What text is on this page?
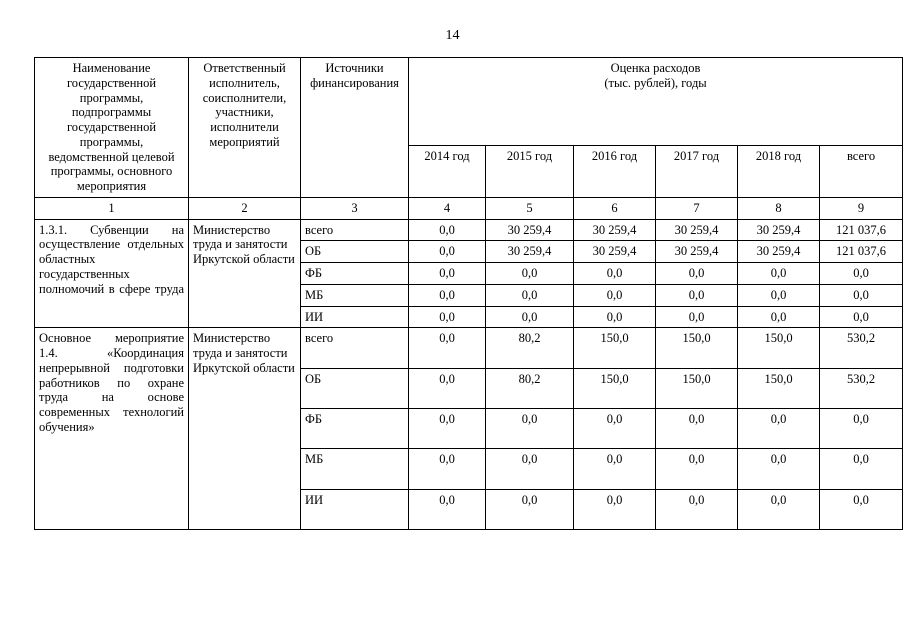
14
Наименование государственной программы, подпрограммы государственной программы, ведомственной целевой программы, основного мероприятия	Ответственный исполнитель, соисполнители, участники, исполнители мероприятий	Источники финансирования	Оценка расходов
(тыс. рублей), годы					

			2014 год	2015 год	2016 год	2017 год	2018 год	всего
1	2	3	4	5	6	7	8	9
1.3.1. Субвенции на осуществление отдельных областных государственных полномочий в сфере труда	Министерство труда и занятости Иркутской области	всего	0,0	30 259,4	30 259,4	30 259,4	30 259,4	121 037,6
		ОБ	0,0	30 259,4	30 259,4	30 259,4	30 259,4	121 037,6
		ФБ	0,0	0,0	0,0	0,0	0,0	0,0
		МБ	0,0	0,0	0,0	0,0	0,0	0,0
		ИИ	0,0	0,0	0,0	0,0	0,0	0,0
Основное мероприятие 1.4. «Координация непрерывной подготовки работников по охране труда на основе современных технологий обучения»	Министерство труда и занятости Иркутской области	всего	0,0	80,2	150,0	150,0	150,0	530,2
		ОБ	0,0	80,2	150,0	150,0	150,0	530,2
		ФБ	0,0	0,0	0,0	0,0	0,0	0,0
		МБ	0,0	0,0	0,0	0,0	0,0	0,0
		ИИ	0,0	0,0	0,0	0,0	0,0	0,0
